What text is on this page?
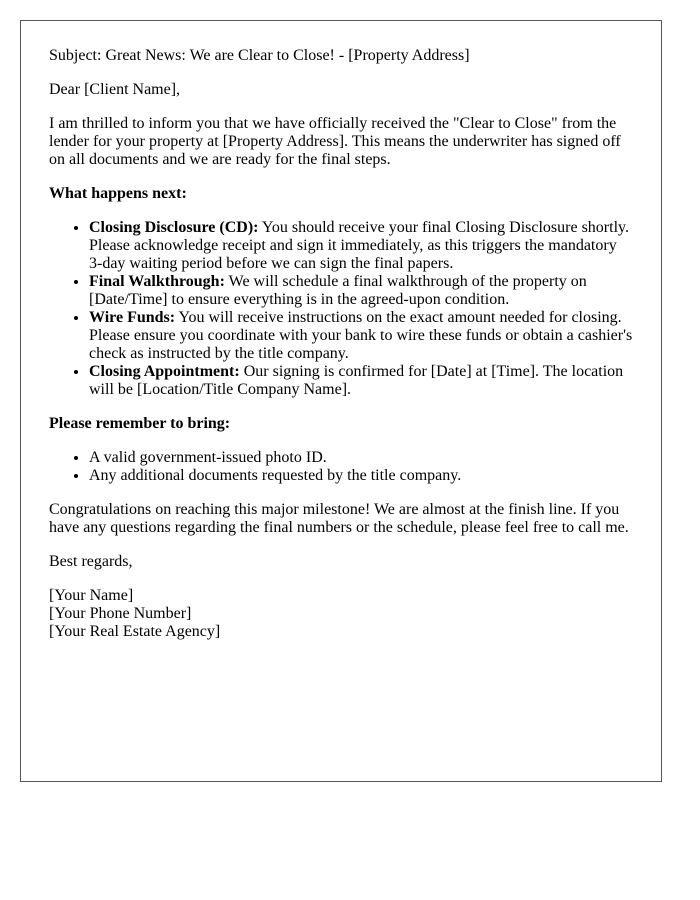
Subject: Great News: We are Clear to Close! - [Property Address]

Dear [Client Name],

I am thrilled to inform you that we have officially received the "Clear to Close" from the lender for your property at [Property Address]. This means the underwriter has signed off on all documents and we are ready for the final steps.

What happens next:
• Closing Disclosure (CD): You should receive your final Closing Disclosure shortly. Please acknowledge receipt and sign it immediately, as this triggers the mandatory 3-day waiting period before we can sign the final papers.
• Final Walkthrough: We will schedule a final walkthrough of the property on [Date/Time] to ensure everything is in the agreed-upon condition.
• Wire Funds: You will receive instructions on the exact amount needed for closing. Please ensure you coordinate with your bank to wire these funds or obtain a cashier's check as instructed by the title company.
• Closing Appointment: Our signing is confirmed for [Date] at [Time]. The location will be [Location/Title Company Name].
Please remember to bring:
• A valid government-issued photo ID.
• Any additional documents requested by the title company.

Congratulations on reaching this major milestone! We are almost at the finish line. If you have any questions regarding the final numbers or the schedule, please feel free to call me.

Best regards,

[Your Name]
[Your Phone Number]
[Your Real Estate Agency]
